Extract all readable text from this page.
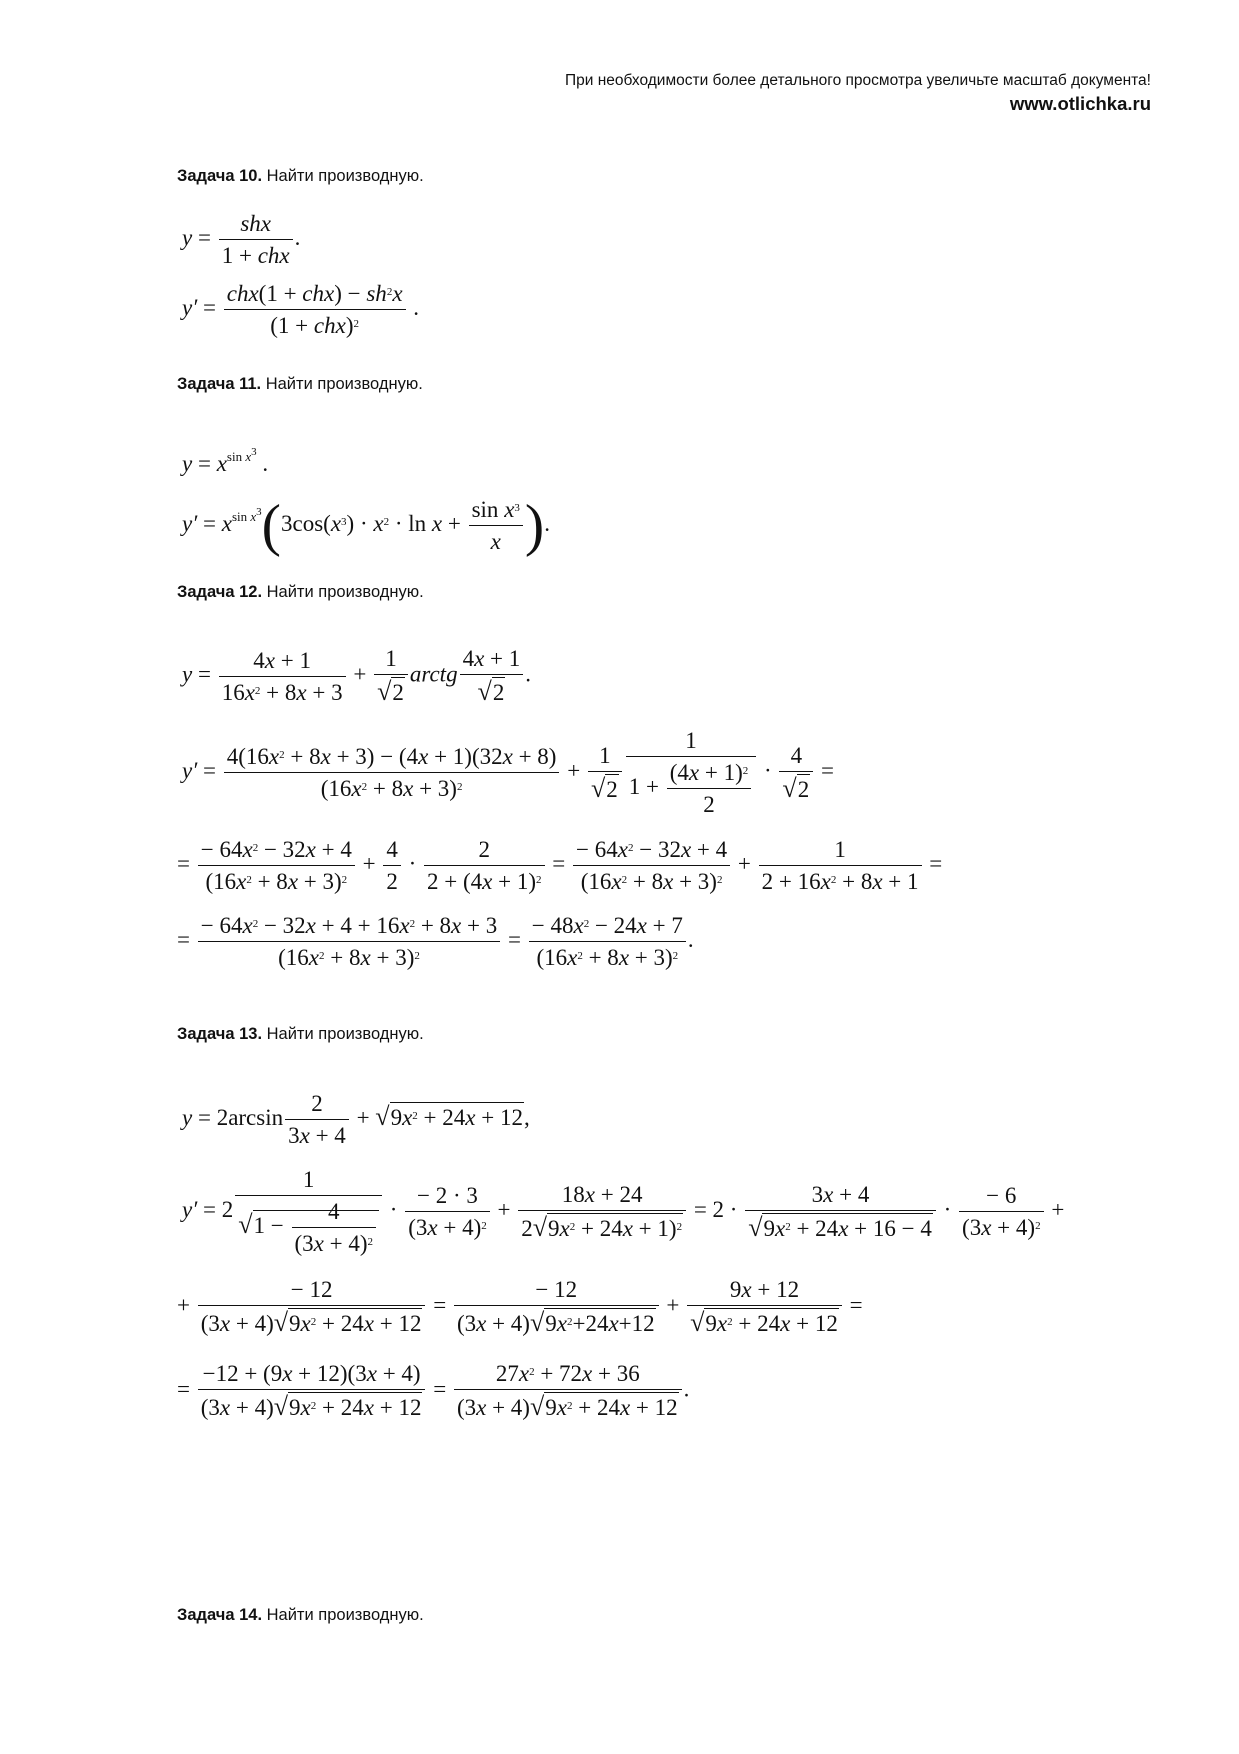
При необходимости более детального просмотра увеличьте масштаб документа!
www.otlichka.ru
Задача 10. Найти производную.
$y = \frac{\text{shx}}{\text{1 + chx}}$ .
$y' = \frac{chx(1 + chx) - sh^2x}{(1 + chx)^2}$ .
Задача 11. Найти производную.
$y = x^{sin x^3}$ .
$y' = x^{sin x^3}(3\cos(x^3) \cdot x^2 \cdot \ln x + \frac{\sin x^3}{x}$ ).
Задача 12. Найти производную.
$y = \frac{4x + 1}{16x^2 + 8x + 3} + \frac{1}{√2}$ arctg $\frac{4x + 1}{√2}$ .
$y' = \frac{4(16x^2 + 8x + 3) - (4x + 1)(32x + 8)}{(16x^2 + 8x + 3)^2} + \frac{1}{√2} \frac{1}{1 + \frac{(4x + 1)^2}{2}} \cdot \frac{4}{√2}$ =
= $\frac{- 64x^2 - 32x + 4}{(16x^2 + 8x + 3)^2} + \frac{4}{2} \cdot \frac{2}{2 + (4x + 1)^2} = \frac{- 64x^2 - 32x + 4}{(16x^2 + 8x + 3)^2} + \frac{1}{2 + 16x^2 + 8x + 1}$ =
= $\frac{- 64x^2 - 32x + 4 + 16x^2 + 8x + 3}{(16x^2 + 8x + 3)^2} = \frac{- 48x^2 - 24x + 7}{(16x^2 + 8x + 3)^2}$ .
Задача 13. Найти производную.
$y = 2\arcsin \frac{2}{3x + 4} + √9x^2 + 24x + 12$,
$y' = 2 \frac{1}{√1 - \frac{4}{(3x + 4)^2}} \cdot \frac{- 2 \cdot 3}{(3x + 4)^2} + \frac{18x + 24}{2√9x^2 + 24x + 1)^2} = 2 \cdot \frac{3x + 4}{√9x^2 + 24x + 16 - 4} \cdot \frac{- 6}{(3x + 4)^2}$ +
+ $\frac{- 12}{(3x + 4)√9x^2 + 24x + 12} = \frac{- 12}{(3x + 4)√9x^2+24x+12} + \frac{9x + 12}{√9x^2 + 24x + 12}$ =
= $\frac{-12 + (9x + 12)(3x + 4)}{(3x + 4)√9x^2 + 24x + 12} = \frac{27x^2 + 72x + 36}{(3x + 4)√9x^2 + 24x + 12}$ .
Задача 14. Найти производную.
